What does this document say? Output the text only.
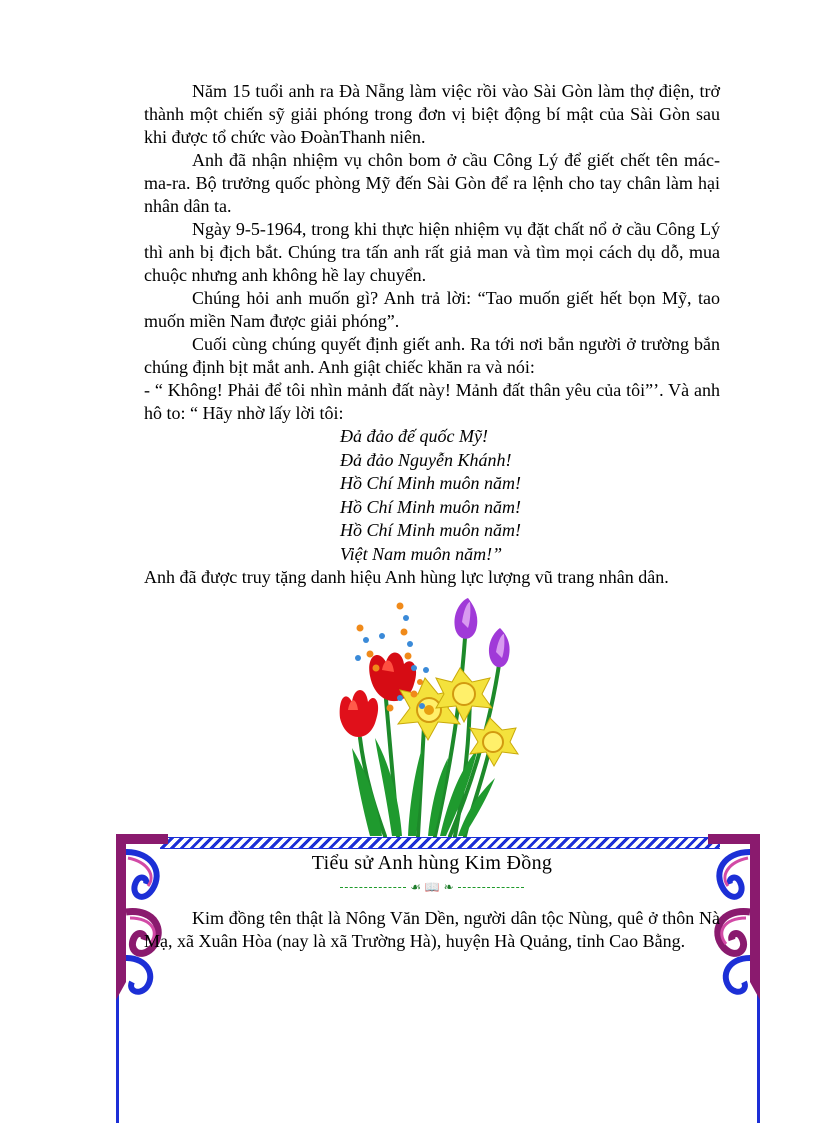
Năm 15 tuổi anh ra Đà Nẵng làm việc rồi vào Sài Gòn làm thợ điện, trở thành một chiến sỹ giải phóng trong đơn vị biệt động bí mật của Sài Gòn sau khi được tổ chức vào ĐoànThanh niên.

Anh đã nhận nhiệm vụ chôn bom ở cầu Công Lý để giết chết tên mác-ma-ra. Bộ trưởng quốc phòng Mỹ đến Sài Gòn để ra lệnh cho tay chân làm hại nhân dân ta.

Ngày 9-5-1964, trong khi thực hiện nhiệm vụ đặt chất nổ ở cầu Công Lý thì anh bị địch bắt. Chúng tra tấn anh rất giả man và tìm mọi cách dụ dỗ, mua chuộc nhưng anh không hề lay chuyển.

Chúng hỏi anh muốn gì? Anh trả lời: “Tao muốn giết hết bọn Mỹ, tao muốn miền Nam được giải phóng”.

Cuối cùng chúng quyết định giết anh. Ra tới nơi bắn người ở trường bắn chúng định bịt mắt anh. Anh giật chiếc khăn ra và nói:

- “ Không! Phải để tôi nhìn mảnh đất này! Mảnh đất thân yêu của tôi”’. Và anh hô to: “ Hãy nhờ lấy lời tôi:

Đả đảo đế quốc Mỹ!
Đả đảo Nguyễn Khánh!
Hồ Chí Minh muôn năm!
Hồ Chí Minh muôn năm!
Hồ Chí Minh muôn năm!
Việt Nam muôn năm!”

Anh đã được truy tặng danh hiệu Anh hùng lực lượng vũ trang nhân dân.

Tiểu sử Anh hùng Kim Đồng
☙ 📖 ❧

Kim đồng tên thật là Nông Văn Dền, người dân tộc Nùng, quê ở thôn Nà Mạ, xã Xuân Hòa (nay là xã Trường Hà), huyện Hà Quảng, tỉnh Cao Bằng.
